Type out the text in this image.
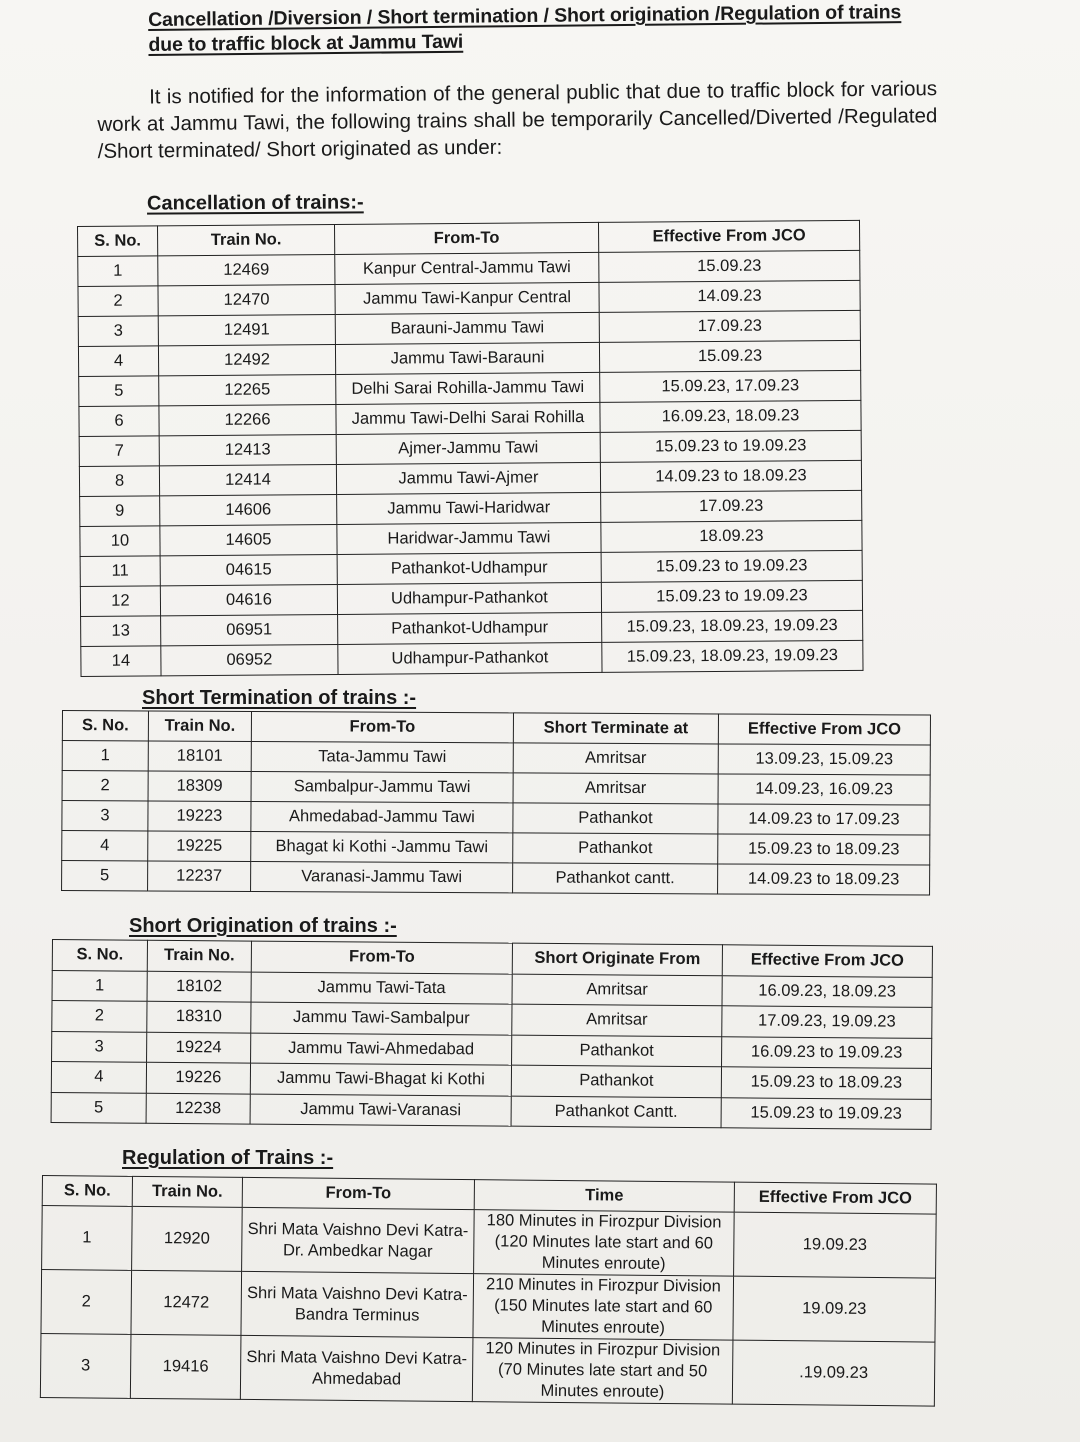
Cancellation /Diversion / Short termination / Short origination /Regulation of trains due to traffic block at Jammu Tawi
It is notified for the information of the general public that due to traffic block for various work at Jammu Tawi, the following trains shall be temporarily Cancelled/Diverted /Regulated /Short terminated/ Short originated as under:
Cancellation of trains:-
S. No.	Train No.	From-To	Effective From JCO
1	12469	Kanpur Central-Jammu Tawi	15.09.23
2	12470	Jammu Tawi-Kanpur Central	14.09.23
3	12491	Barauni-Jammu Tawi	17.09.23
4	12492	Jammu Tawi-Barauni	15.09.23
5	12265	Delhi Sarai Rohilla-Jammu Tawi	15.09.23, 17.09.23
6	12266	Jammu Tawi-Delhi Sarai Rohilla	16.09.23, 18.09.23
7	12413	Ajmer-Jammu Tawi	15.09.23 to 19.09.23
8	12414	Jammu Tawi-Ajmer	14.09.23 to 18.09.23
9	14606	Jammu Tawi-Haridwar	17.09.23
10	14605	Haridwar-Jammu Tawi	18.09.23
11	04615	Pathankot-Udhampur	15.09.23 to 19.09.23
12	04616	Udhampur-Pathankot	15.09.23 to 19.09.23
13	06951	Pathankot-Udhampur	15.09.23, 18.09.23, 19.09.23
14	06952	Udhampur-Pathankot	15.09.23, 18.09.23, 19.09.23
Short Termination of trains :-
S. No.	Train No.	From-To	Short Terminate at	Effective From JCO
1	18101	Tata-Jammu Tawi	Amritsar	13.09.23, 15.09.23
2	18309	Sambalpur-Jammu Tawi	Amritsar	14.09.23, 16.09.23
3	19223	Ahmedabad-Jammu Tawi	Pathankot	14.09.23 to 17.09.23
4	19225	Bhagat ki Kothi -Jammu Tawi	Pathankot	15.09.23 to 18.09.23
5	12237	Varanasi-Jammu Tawi	Pathankot cantt.	14.09.23 to 18.09.23
Short Origination of trains :-
S. No.	Train No.	From-To	Short Originate From	Effective From JCO
1	18102	Jammu Tawi-Tata	Amritsar	16.09.23, 18.09.23
2	18310	Jammu Tawi-Sambalpur	Amritsar	17.09.23, 19.09.23
3	19224	Jammu Tawi-Ahmedabad	Pathankot	16.09.23 to 19.09.23
4	19226	Jammu Tawi-Bhagat ki Kothi	Pathankot	15.09.23 to 18.09.23
5	12238	Jammu Tawi-Varanasi	Pathankot Cantt.	15.09.23 to 19.09.23
Regulation of Trains :-
S. No.	Train No.	From-To	Time	Effective From JCO
1	12920	Shri Mata Vaishno Devi Katra-Dr. Ambedkar Nagar	180 Minutes in Firozpur Division (120 Minutes late start and 60 Minutes enroute)	19.09.23
2	12472	Shri Mata Vaishno Devi Katra-Bandra Terminus	210 Minutes in Firozpur Division (150 Minutes late start and 60 Minutes enroute)	19.09.23
3	19416	Shri Mata Vaishno Devi Katra-Ahmedabad	120 Minutes in Firozpur Division (70 Minutes late start and 50 Minutes enroute)	.19.09.23
